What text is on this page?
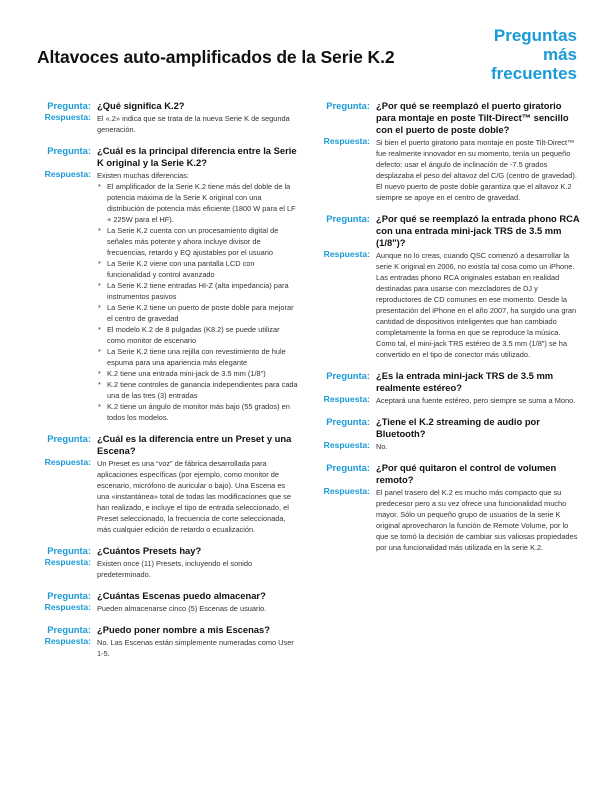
Altavoces auto-amplificados de la Serie K.2
Preguntas
más
frecuentes
Pregunta: ¿Qué significa K.2?
Respuesta: El «.2» indica que se trata de la nueva Serie K de segunda generación.

Pregunta: ¿Cuál es la principal diferencia entre la Serie K original y la Serie K.2?
Respuesta: Existen muchas diferencias:

* El amplificador de la Serie K.2 tiene más del doble de la potencia máxima de la Serie K original con una distribución de potencia más eficiente (1800 W para el LF + 225W para el HF).
* La Serie K.2 cuenta con un procesamiento digital de señales más potente y ahora incluye divisor de frecuencias, retardo y EQ ajustables por el usuario
* La Serie K.2 viene con una pantalla LCD con funcionalidad y control avanzado
* La Serie K.2 tiene entradas HI-Z (alta impedancia) para instrumentos pasivos
* La Serie K.2 tiene un puerto de poste doble para mejorar el centro de gravedad
* El modelo K.2 de 8 pulgadas (K8.2) se puede utilizar como monitor de escenario
* La Serie K.2 tiene una rejilla con revestimiento de hule espuma para una apariencia más elegante
* K.2 tiene una entrada mini-jack de 3.5 mm (1/8")
* K.2 tiene controles de ganancia independientes para cada una de las tres (3) entradas
* K.2 tiene un ángulo de monitor más bajo (55 grados) en todos los modelos.
Pregunta: ¿Cuál es la diferencia entre un Preset y una Escena?
Respuesta: Un Preset es una “voz” de fábrica desarrollada para aplicaciones específicas (por ejemplo, como monitor de escenario, micrófono de auricular o bajo). Una Escena es una «instantánea» total de todas las modificaciones que se han realizado, e incluye el tipo de entrada seleccionado, el Preset seleccionado, la frecuencia de corte seleccionada, más cualquier edición de retardo o ecualización.

Pregunta: ¿Cuántos Presets hay?
Respuesta: Existen once (11) Presets, incluyendo el sonido predeterminado.

Pregunta: ¿Cuántas Escenas puedo almacenar?
Respuesta: Pueden almacenarse cinco (5) Escenas de usuario.

Pregunta: ¿Puedo poner nombre a mis Escenas?
Respuesta: No. Las Escenas están simplemente numeradas como User 1-5.

Pregunta: ¿Por qué se reemplazó el puerto giratorio para montaje en poste Tilt-Direct™ sencillo con el puerto de poste doble?
Respuesta: Si bien el puerto giratorio para montaje en poste Tilt-Direct™ fue realmente innovador en su momento, tenía un pequeño defecto: usar el ángulo de inclinación de -7.5 grados desplazaba el peso del altavoz del C/G (centro de gravedad). El nuevo puerto de poste doble garantiza que el altavoz K.2 siempre se apoye en el centro de gravedad.

Pregunta: ¿Por qué se reemplazó la entrada phono RCA con una entrada mini-jack TRS de 3.5 mm (1/8")?
Respuesta: Aunque no lo creas, cuando QSC comenzó a desarrollar la serie K original en 2006, no existía tal cosa como un iPhone. Las entradas phono RCA originales estaban en realidad destinadas para usarse con mezcladores de DJ y reproductores de CD comunes en ese momento. Desde la presentación del iPhone en el año 2007, ha surgido una gran cantidad de dispositivos inteligentes que han cambiado completamente la forma en que se reproduce la música. Como tal, el mini-jack TRS estéreo de 3.5 mm (1/8") se ha convertido en el tipo de conector más utilizado.

Pregunta: ¿Es la entrada mini-jack TRS de 3.5 mm realmente estéreo?
Respuesta: Aceptará una fuente estéreo, pero siempre se suma a Mono.

Pregunta: ¿Tiene el K.2 streaming de audio por Bluetooth?
Respuesta: No.

Pregunta: ¿Por qué quitaron el control de volumen remoto?
Respuesta: El panel trasero del K.2 es mucho más compacto que su predecesor pero a su vez ofrece una funcionalidad mucho mayor. Sólo un pequeño grupo de usuarios de la serie K original aprovecharon la función de Remote Volume, por lo que se tomó la decisión de cambiar sus valiosas propiedades por una funcionalidad más utilizada en la serie K.2.
